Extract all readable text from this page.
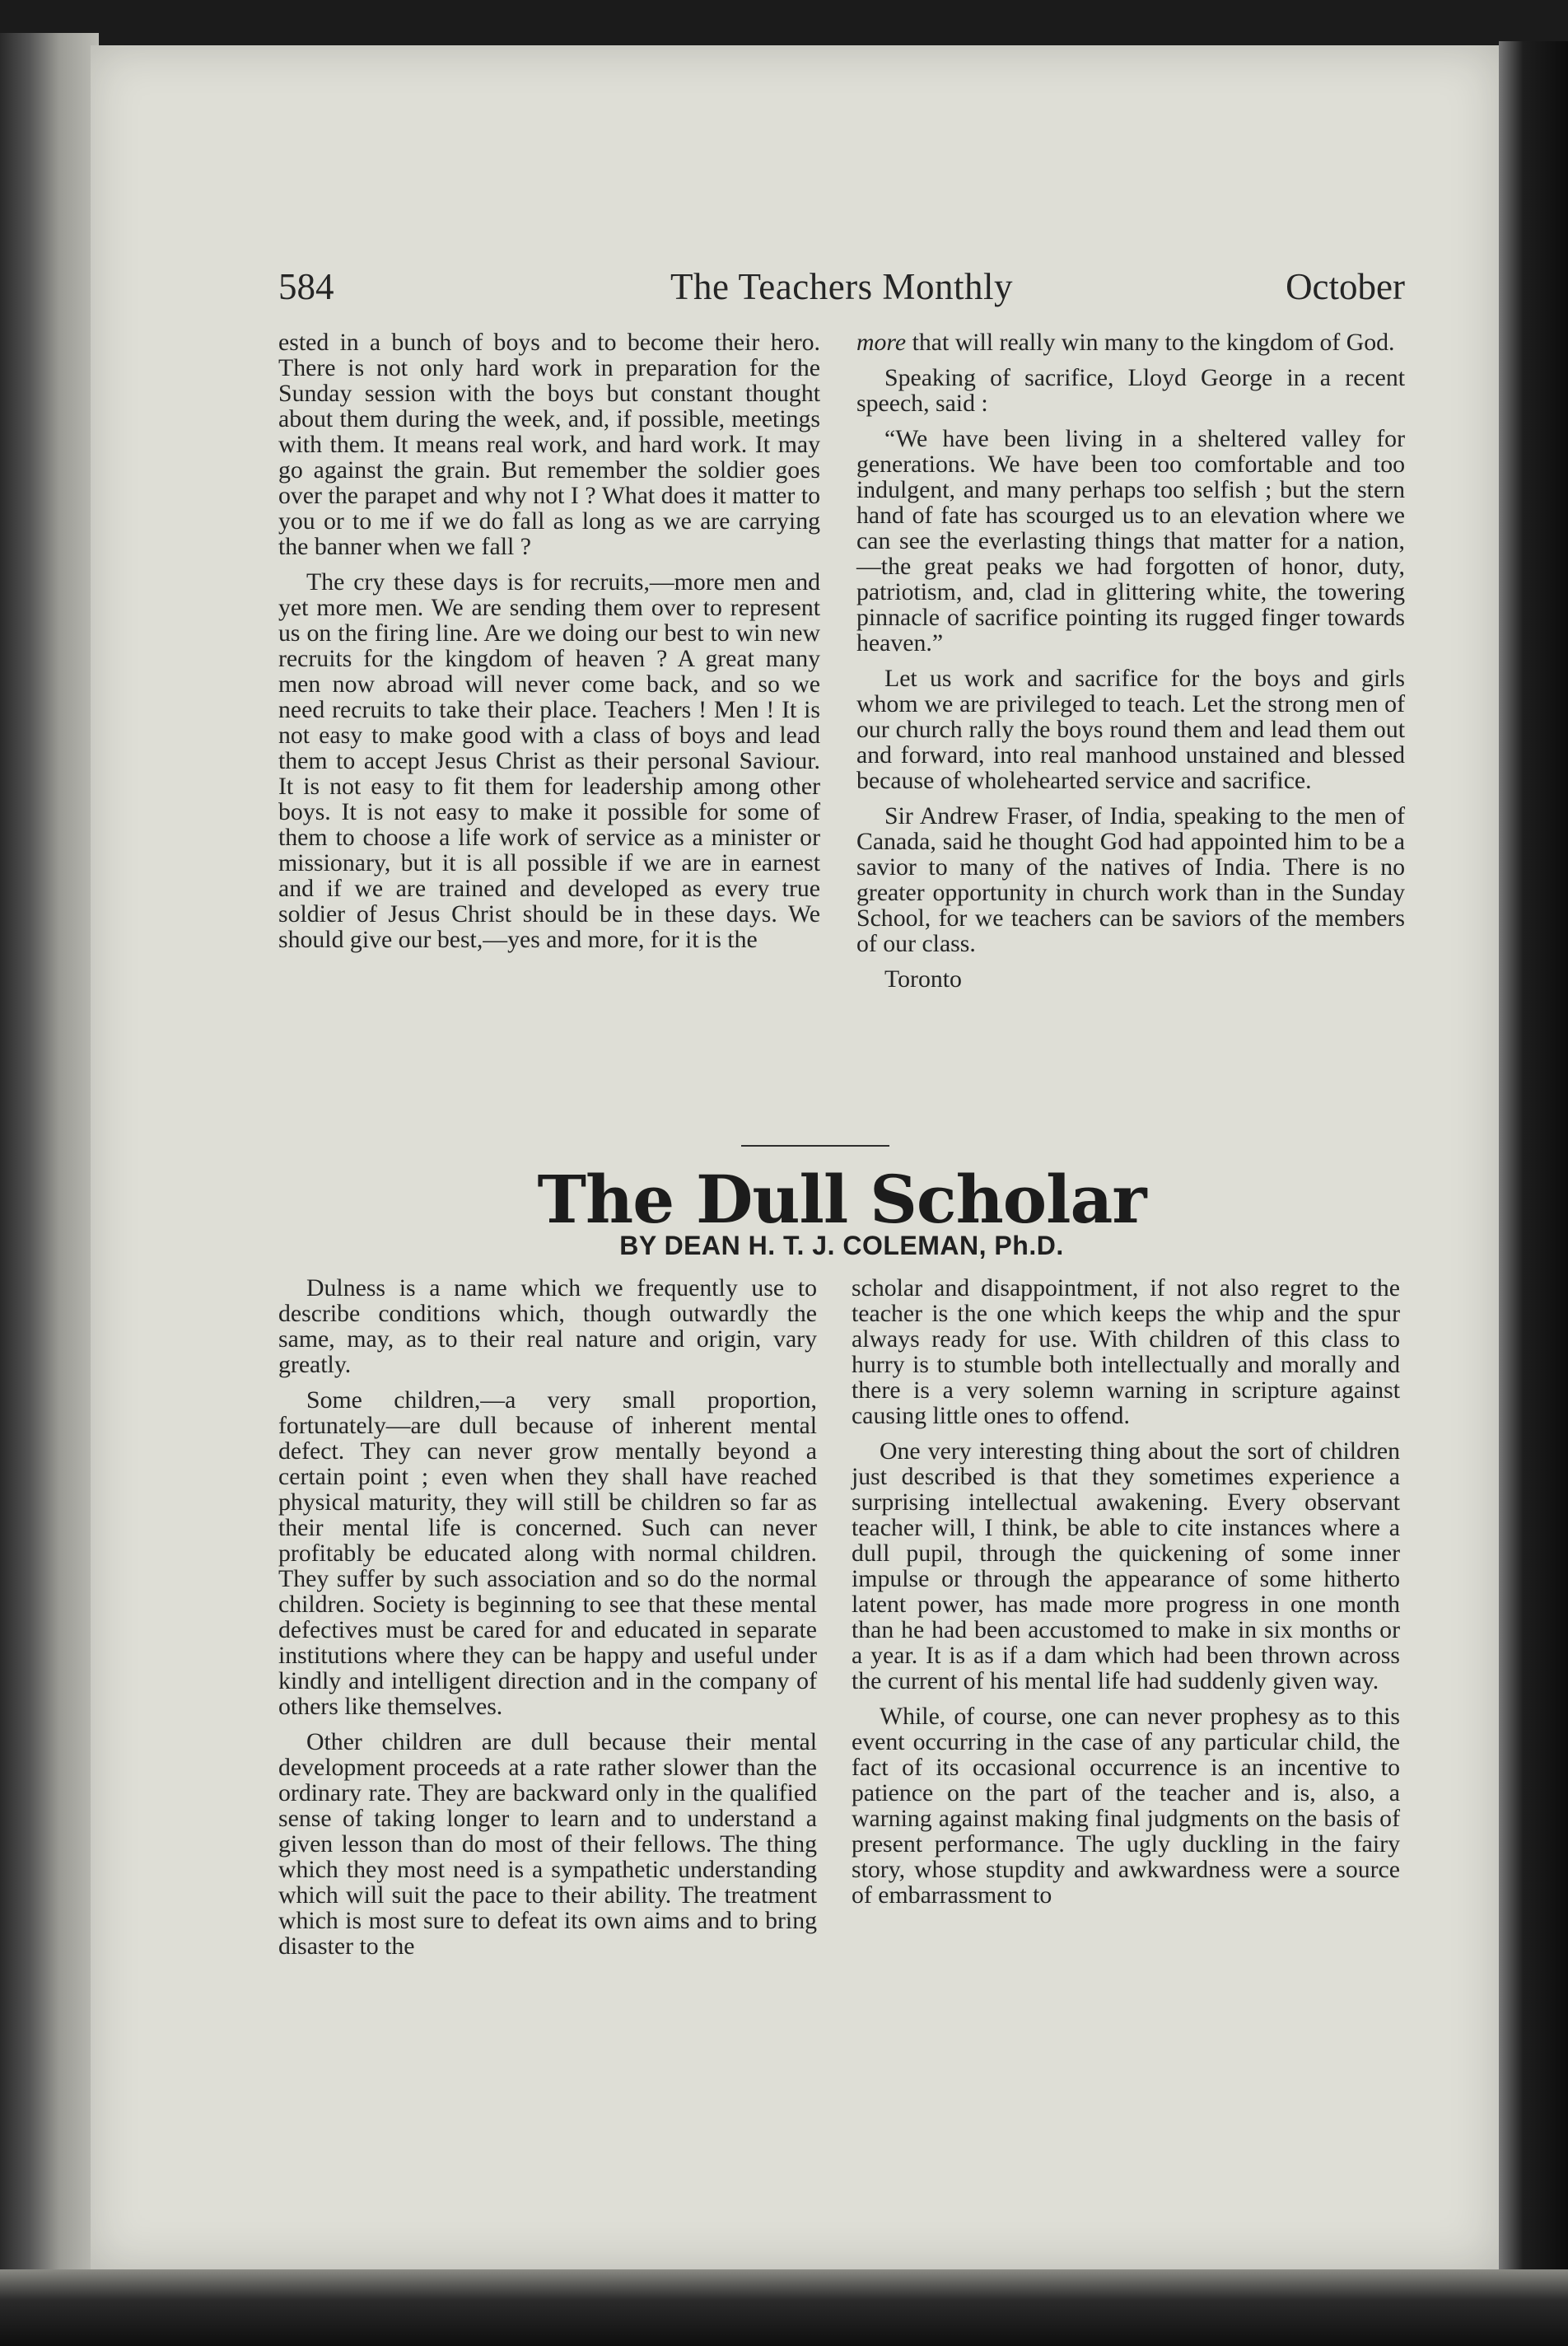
584	The Teachers Monthly	October

ested in a bunch of boys and to become their hero. There is not only hard work in preparation for the Sunday session with the boys but constant thought about them during the week, and, if possible, meetings with them. It means real work, and hard work. It may go against the grain. But remember the soldier goes over the parapet and why not I ? What does it matter to you or to me if we do fall as long as we are carrying the banner when we fall ?

The cry these days is for recruits,—more men and yet more men. We are sending them over to represent us on the firing line. Are we doing our best to win new recruits for the kingdom of heaven ? A great many men now abroad will never come back, and so we need recruits to take their place. Teachers ! Men ! It is not easy to make good with a class of boys and lead them to accept Jesus Christ as their personal Saviour. It is not easy to fit them for leadership among other boys. It is not easy to make it possible for some of them to choose a life work of service as a minister or missionary, but it is all possible if we are in earnest and if we are trained and developed as every true soldier of Jesus Christ should be in these days. We should give our best,—yes and more, for it is the

more that will really win many to the kingdom of God.

Speaking of sacrifice, Lloyd George in a recent speech, said :

“We have been living in a sheltered valley for generations. We have been too comfortable and too indulgent, and many perhaps too selfish ; but the stern hand of fate has scourged us to an elevation where we can see the everlasting things that matter for a nation, —the great peaks we had forgotten of honor, duty, patriotism, and, clad in glittering white, the towering pinnacle of sacrifice pointing its rugged finger towards heaven.”

Let us work and sacrifice for the boys and girls whom we are privileged to teach. Let the strong men of our church rally the boys round them and lead them out and forward, into real manhood unstained and blessed because of wholehearted service and sacrifice.

Sir Andrew Fraser, of India, speaking to the men of Canada, said he thought God had appointed him to be a savior to many of the natives of India. There is no greater opportunity in church work than in the Sunday School, for we teachers can be saviors of the members of our class.

Toronto

The Dull Scholar
BY DEAN H. T. J. COLEMAN, Ph.D.

Dulness is a name which we frequently use to describe conditions which, though outwardly the same, may, as to their real nature and origin, vary greatly.

Some children,—a very small proportion, fortunately—are dull because of inherent mental defect. They can never grow mentally beyond a certain point ; even when they shall have reached physical maturity, they will still be children so far as their mental life is concerned. Such can never profitably be educated along with normal children. They suffer by such association and so do the normal children. Society is beginning to see that these mental defectives must be cared for and educated in separate institutions where they can be happy and useful under kindly and intelligent direction and in the company of others like themselves.

Other children are dull because their mental development proceeds at a rate rather slower than the ordinary rate. They are backward only in the qualified sense of taking longer to learn and to understand a given lesson than do most of their fellows. The thing which they most need is a sympathetic understanding which will suit the pace to their ability. The treatment which is most sure to defeat its own aims and to bring disaster to the

scholar and disappointment, if not also regret to the teacher is the one which keeps the whip and the spur always ready for use. With children of this class to hurry is to stumble both intellectually and morally and there is a very solemn warning in scripture against causing little ones to offend.

One very interesting thing about the sort of children just described is that they sometimes experience a surprising intellectual awakening. Every observant teacher will, I think, be able to cite instances where a dull pupil, through the quickening of some inner impulse or through the appearance of some hitherto latent power, has made more progress in one month than he had been accustomed to make in six months or a year. It is as if a dam which had been thrown across the current of his mental life had suddenly given way.

While, of course, one can never prophesy as to this event occurring in the case of any particular child, the fact of its occasional occurrence is an incentive to patience on the part of the teacher and is, also, a warning against making final judgments on the basis of present performance. The ugly duckling in the fairy story, whose stupdity and awkwardness were a source of embarrassment to
